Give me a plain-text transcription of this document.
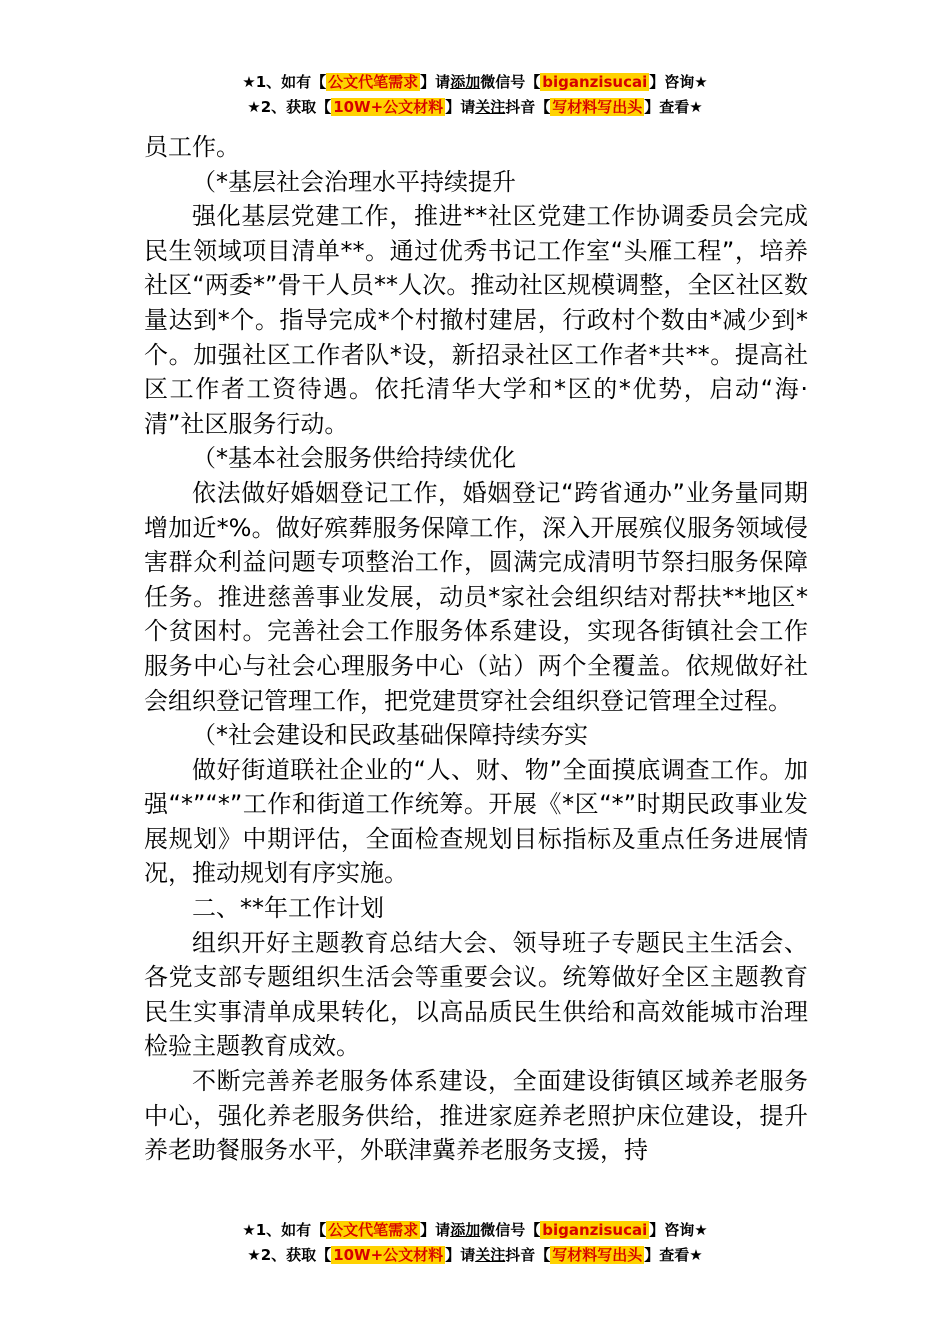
★1、如有【 公文代笔需求 】请添加微信号【 biganzisucai 】咨询★
★2、获取【 10W+公文材料 】请关注抖音【 写材料写出头 】查看★

员工作。

（*基层社会治理水平持续提升

强化基层党建工作，推进**社区党建工作协调委员会完成民生领域项目清单**。通过优秀书记工作室“头雁工程”，培养社区“两委*”骨干人员**人次。推动社区规模调整，全区社区数量达到*个。指导完成*个村撤村建居，行政村个数由*减少到*个。加强社区工作者队*设，新招录社区工作者*共**。提高社区工作者工资待遇。依托清华大学和*区的*优势，启动“海·清”社区服务行动。

（*基本社会服务供给持续优化

依法做好婚姻登记工作，婚姻登记“跨省通办”业务量同期增加近*%。做好殡葬服务保障工作，深入开展殡仪服务领域侵害群众利益问题专项整治工作，圆满完成清明节祭扫服务保障任务。推进慈善事业发展，动员*家社会组织结对帮扶**地区*个贫困村。完善社会工作服务体系建设，实现各街镇社会工作服务中心与社会心理服务中心（站）两个全覆盖。依规做好社会组织登记管理工作，把党建贯穿社会组织登记管理全过程。

（*社会建设和民政基础保障持续夯实

做好街道联社企业的“人、财、物”全面摸底调查工作。加强“*”“*”工作和街道工作统筹。开展《*区“*”时期民政事业发展规划》中期评估，全面检查规划目标指标及重点任务进展情况，推动规划有序实施。

二、**年工作计划

组织开好主题教育总结大会、领导班子专题民主生活会、各党支部专题组织生活会等重要会议。统筹做好全区主题教育民生实事清单成果转化，以高品质民生供给和高效能城市治理检验主题教育成效。

不断完善养老服务体系建设，全面建设街镇区域养老服务中心，强化养老服务供给，推进家庭养老照护床位建设，提升养老助餐服务水平，外联津冀养老服务支援，持

★1、如有【 公文代笔需求 】请添加微信号【 biganzisucai 】咨询★
★2、获取【 10W+公文材料 】请关注抖音【 写材料写出头 】查看★
